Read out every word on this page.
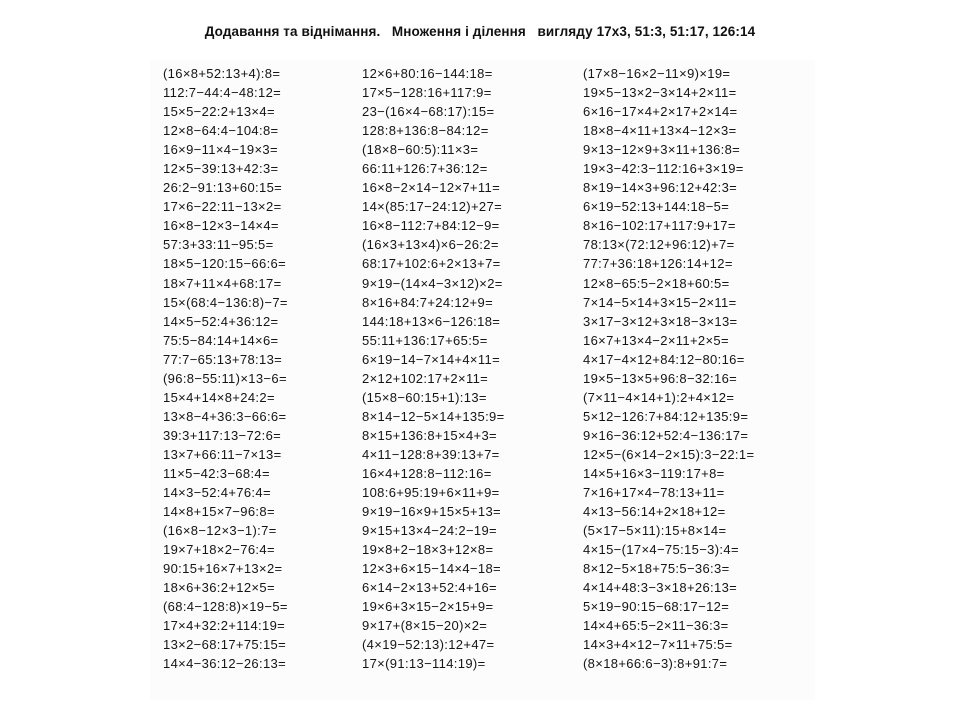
Додавання та віднімання.   Множення і ділення   вигляду 17х3, 51:3, 51:17, 126:14
(16×8+52:13+4):8=
112:7−44:4−48:12=
15×5−22:2+13×4=
12×8−64:4−104:8=
16×9−11×4−19×3=
12×5−39:13+42:3=
26:2−91:13+60:15=
17×6−22:11−13×2=
16×8−12×3−14×4=
57:3+33:11−95:5=
18×5−120:15−66:6=
18×7+11×4+68:17=
15×(68:4−136:8)−7=
14×5−52:4+36:12=
75:5−84:14+14×6=
77:7−65:13+78:13=
(96:8−55:11)×13−6=
15×4+14×8+24:2=
13×8−4+36:3−66:6=
39:3+117:13−72:6=
13×7+66:11−7×13=
11×5−42:3−68:4=
14×3−52:4+76:4=
14×8+15×7−96:8=
(16×8−12×3−1):7=
19×7+18×2−76:4=
90:15+16×7+13×2=
18×6+36:2+12×5=
(68:4−128:8)×19−5=
17×4+32:2+114:19=
13×2−68:17+75:15=
14×4−36:12−26:13=
12×6+80:16−144:18=
17×5−128:16+117:9=
23−(16×4−68:17):15=
128:8+136:8−84:12=
(18×8−60:5):11×3=
66:11+126:7+36:12=
16×8−2×14−12×7+11=
14×(85:17−24:12)+27=
16×8−112:7+84:12−9=
(16×3+13×4)×6−26:2=
68:17+102:6+2×13+7=
9×19−(14×4−3×12)×2=
8×16+84:7+24:12+9=
144:18+13×6−126:18=
55:11+136:17+65:5=
6×19−14−7×14+4×11=
2×12+102:17+2×11=
(15×8−60:15+1):13=
8×14−12−5×14+135:9=
8×15+136:8+15×4+3=
4×11−128:8+39:13+7=
16×4+128:8−112:16=
108:6+95:19+6×11+9=
9×19−16×9+15×5+13=
9×15+13×4−24:2−19=
19×8+2−18×3+12×8=
12×3+6×15−14×4−18=
6×14−2×13+52:4+16=
19×6+3×15−2×15+9=
9×17+(8×15−20)×2=
(4×19−52:13):12+47=
17×(91:13−114:19)=
(17×8−16×2−11×9)×19=
19×5−13×2−3×14+2×11=
6×16−17×4+2×17+2×14=
18×8−4×11+13×4−12×3=
9×13−12×9+3×11+136:8=
19×3−42:3−112:16+3×19=
8×19−14×3+96:12+42:3=
6×19−52:13+144:18−5=
8×16−102:17+117:9+17=
78:13×(72:12+96:12)+7=
77:7+36:18+126:14+12=
12×8−65:5−2×18+60:5=
7×14−5×14+3×15−2×11=
3×17−3×12+3×18−3×13=
16×7+13×4−2×11+2×5=
4×17−4×12+84:12−80:16=
19×5−13×5+96:8−32:16=
(7×11−4×14+1):2+4×12=
5×12−126:7+84:12+135:9=
9×16−36:12+52:4−136:17=
12×5−(6×14−2×15):3−22:1=
14×5+16×3−119:17+8=
7×16+17×4−78:13+11=
4×13−56:14+2×18+12=
(5×17−5×11):15+8×14=
4×15−(17×4−75:15−3):4=
8×12−5×18+75:5−36:3=
4×14+48:3−3×18+26:13=
5×19−90:15−68:17−12=
14×4+65:5−2×11−36:3=
14×3+4×12−7×11+75:5=
(8×18+66:6−3):8+91:7=
